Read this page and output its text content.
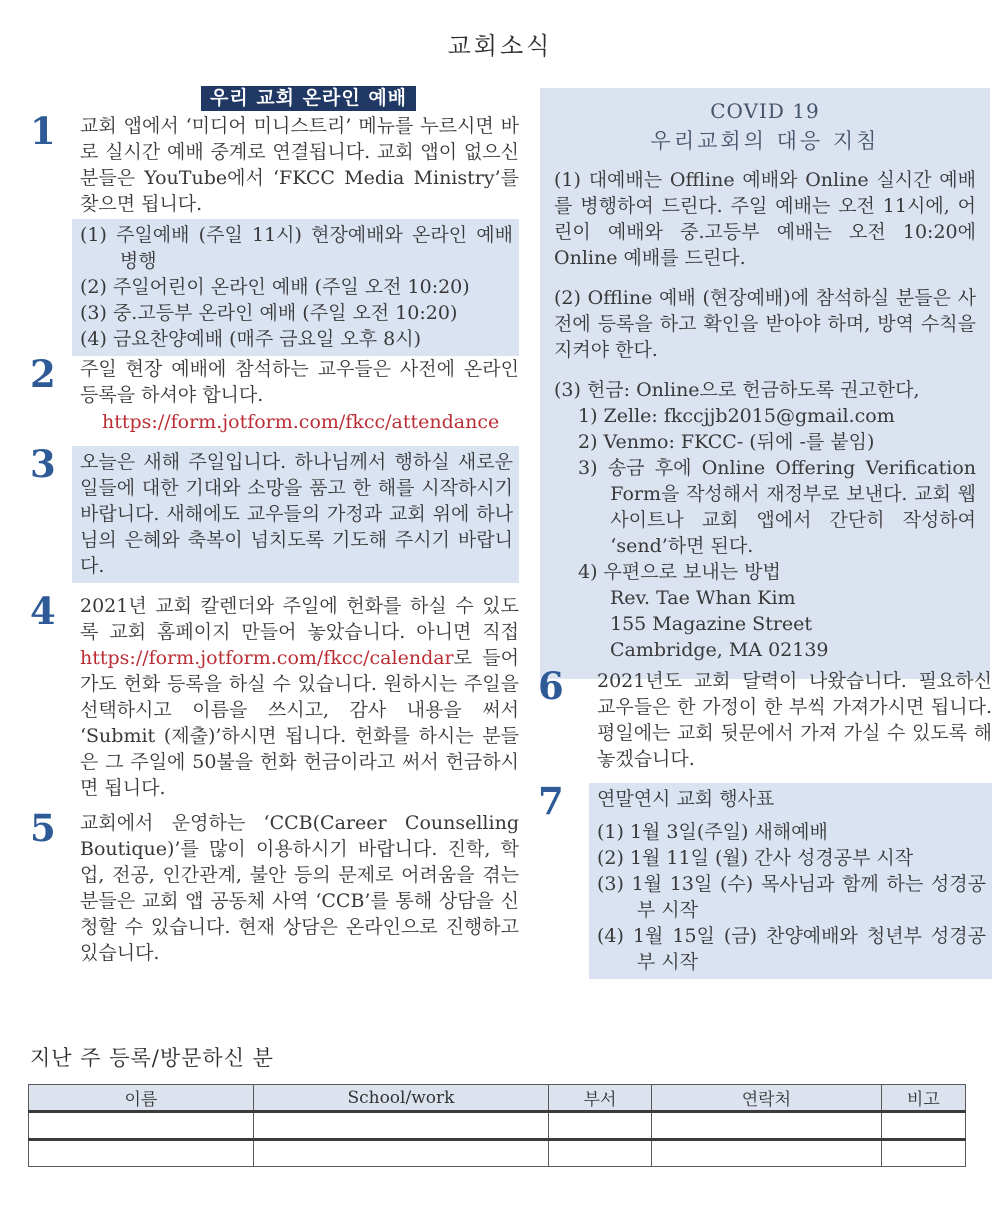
교회소식
우리 교회 온라인 예배
1	교회 앱에서 ‘미디어 미니스트리’ 메뉴를 누르시면 바로 실시간 예배 중계로 연결됩니다. 교회 앱이 없으신 분들은 YouTube에서 ‘FKCC Media Ministry’를 찾으면 됩니다.

(1) 주일예배 (주일 11시) 현장예배와 온라인 예배 병행
(2) 주일어린이 온라인 예배 (주일 오전 10:20)
(3) 중.고등부 온라인 예배 (주일 오전 10:20)
(4) 금요찬양예배 (매주 금요일 오후 8시)
2	주일 현장 예배에 참석하는 교우들은 사전에 온라인 등록을 하셔야 합니다.

https://form.jotform.com/fkcc/attendance
3	오늘은 새해 주일입니다. 하나님께서 행하실 새로운 일들에 대한 기대와 소망을 품고 한 해를 시작하시기 바랍니다. 새해에도 교우들의 가정과 교회 위에 하나님의 은혜와 축복이 넘치도록 기도해 주시기 바랍니다.

4	2021년 교회 칼렌더와 주일에 헌화를 하실 수 있도록 교회 홈페이지 만들어 놓았습니다. 아니면 직접 https://form.jotform.com/fkcc/calendar로 들어가도 헌화 등록을 하실 수 있습니다. 원하시는 주일을 선택하시고 이름을 쓰시고, 감사 내용을 써서 ‘Submit (제출)’하시면 됩니다. 헌화를 하시는 분들은 그 주일에 50불을 헌화 헌금이라고 써서 헌금하시면 됩니다.

5	교회에서 운영하는 ‘CCB(Career Counselling Boutique)’를 많이 이용하시기 바랍니다. 진학, 학업, 전공, 인간관계, 불안 등의 문제로 어려움을 겪는 분들은 교회 앱 공동체 사역 ‘CCB’를 통해 상담을 신청할 수 있습니다. 현재 상담은 온라인으로 진행하고 있습니다.

COVID 19
우리교회의 대응 지침

(1) 대예배는 Offline 예배와 Online 실시간 예배를 병행하여 드린다. 주일 예배는 오전 11시에, 어린이 예배와 중.고등부 예배는 오전 10:20에 Online 예배를 드린다.

(2) Offline 예배 (현장예배)에 참석하실 분들은 사전에 등록을 하고 확인을 받아야 하며, 방역 수칙을 지켜야 한다.

(3) 헌금: Online으로 헌금하도록 권고한다,

1) Zelle: fkccjjb2015@gmail.com
2) Venmo: FKCC- (뒤에 -를 붙임)
3) 송금 후에 Online Offering Verification Form을 작성해서 재정부로 보낸다. 교회 웹사이트나 교회 앱에서 간단히 작성하여 ‘send’하면 된다.
4) 우편으로 보내는 방법
Rev. Tae Whan Kim
155 Magazine Street
Cambridge, MA 02139
6	2021년도 교회 달력이 나왔습니다. 필요하신 교우들은 한 가정이 한 부씩 가져가시면 됩니다. 평일에는 교회 뒷문에서 가져 가실 수 있도록 해 놓겠습니다.

7	연말연시 교회 행사표

(1) 1월 3일(주일) 새해예배
(2) 1월 11일 (월) 간사 성경공부 시작
(3) 1월 13일 (수) 목사님과 함께 하는 성경공부 시작
(4) 1월 15일 (금) 찬양예배와 청년부 성경공부 시작
지난 주 등록/방문하신 분
이름	School/work	부서	연락처	비고
